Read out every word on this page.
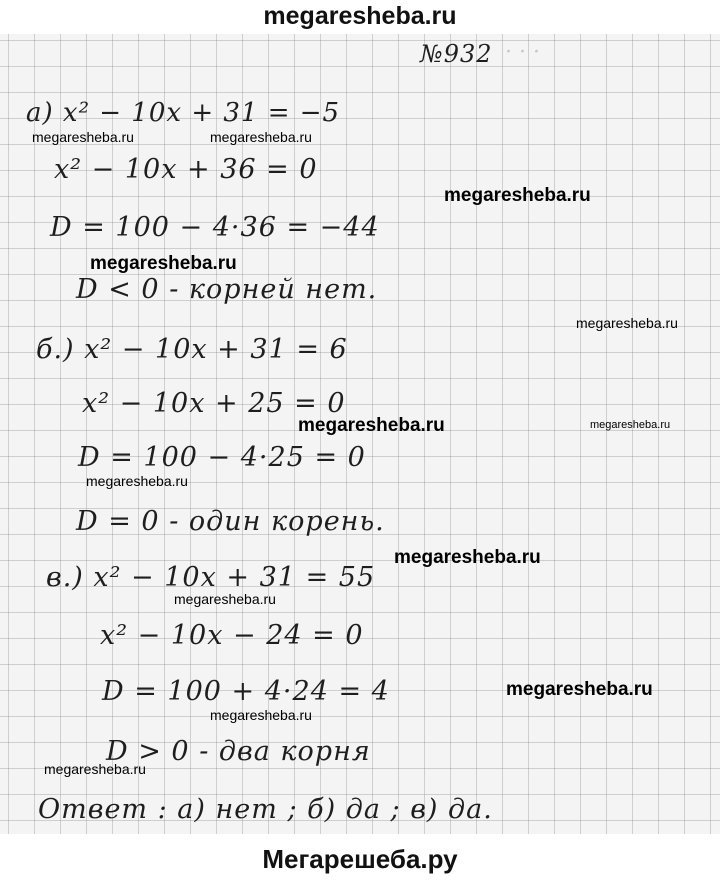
megaresheba.ru
· · ·
№932
а) x² − 10x + 31 = −5
megaresheba.ru	megaresheba.ru
x² − 10x + 36 = 0
megaresheba.ru
D = 100 − 4·36 = −44
megaresheba.ru
D < 0 - корней нет.
megaresheba.ru
б.) x² − 10x + 31 = 6
x² − 10x + 25 = 0
megaresheba.ru	megaresheba.ru
D = 100 − 4·25 = 0
megaresheba.ru
D = 0 - один корень.
megaresheba.ru
в.) x² − 10x + 31 = 55
megaresheba.ru
x² − 10x − 24 = 0
D = 100 + 4·24 = 4	megaresheba.ru
megaresheba.ru
D > 0 - два корня
megaresheba.ru
Ответ : а) нет ; б) да ; в) да.
Мегарешеба.ру
